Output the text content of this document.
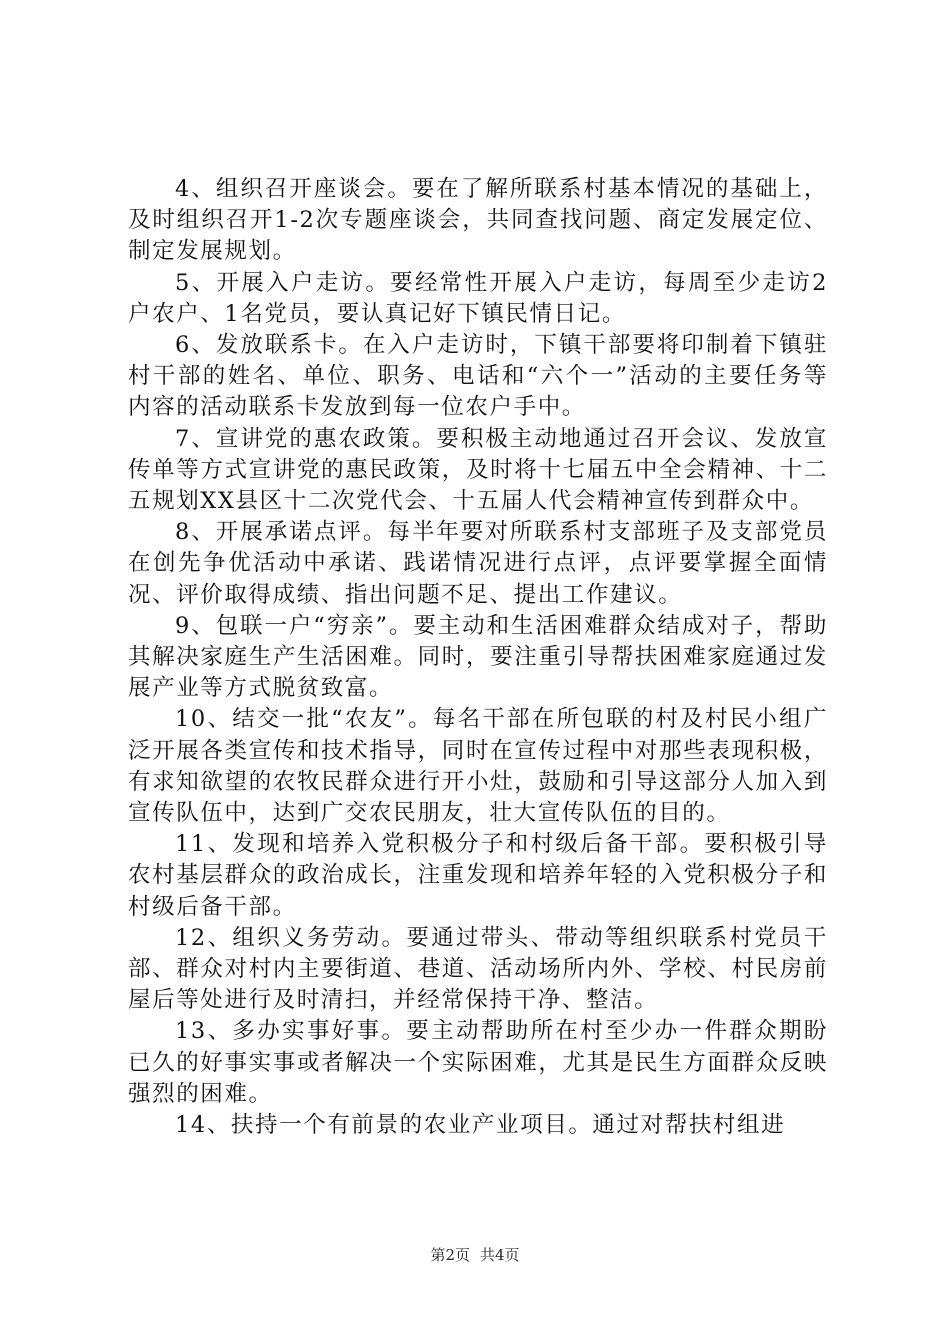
4、组织召开座谈会。要在了解所联系村基本情况的基础上，及时组织召开1-2次专题座谈会，共同查找问题、商定发展定位、制定发展规划。

5、开展入户走访。要经常性开展入户走访，每周至少走访2户农户、1名党员，要认真记好下镇民情日记。

6、发放联系卡。在入户走访时，下镇干部要将印制着下镇驻村干部的姓名、单位、职务、电话和“六个一”活动的主要任务等内容的活动联系卡发放到每一位农户手中。

7、宣讲党的惠农政策。要积极主动地通过召开会议、发放宣传单等方式宣讲党的惠民政策，及时将十七届五中全会精神、十二五规划XX县区十二次党代会、十五届人代会精神宣传到群众中。

8、开展承诺点评。每半年要对所联系村支部班子及支部党员在创先争优活动中承诺、践诺情况进行点评，点评要掌握全面情况、评价取得成绩、指出问题不足、提出工作建议。

9、包联一户“穷亲”。要主动和生活困难群众结成对子，帮助其解决家庭生产生活困难。同时，要注重引导帮扶困难家庭通过发展产业等方式脱贫致富。

10、结交一批“农友”。每名干部在所包联的村及村民小组广泛开展各类宣传和技术指导，同时在宣传过程中对那些表现积极，有求知欲望的农牧民群众进行开小灶，鼓励和引导这部分人加入到宣传队伍中，达到广交农民朋友，壮大宣传队伍的目的。

11、发现和培养入党积极分子和村级后备干部。要积极引导农村基层群众的政治成长，注重发现和培养年轻的入党积极分子和村级后备干部。

12、组织义务劳动。要通过带头、带动等组织联系村党员干部、群众对村内主要街道、巷道、活动场所内外、学校、村民房前屋后等处进行及时清扫，并经常保持干净、整洁。

13、多办实事好事。要主动帮助所在村至少办一件群众期盼已久的好事实事或者解决一个实际困难，尤其是民生方面群众反映强烈的困难。

14、扶持一个有前景的农业产业项目。通过对帮扶村组进

第2页 共4页
